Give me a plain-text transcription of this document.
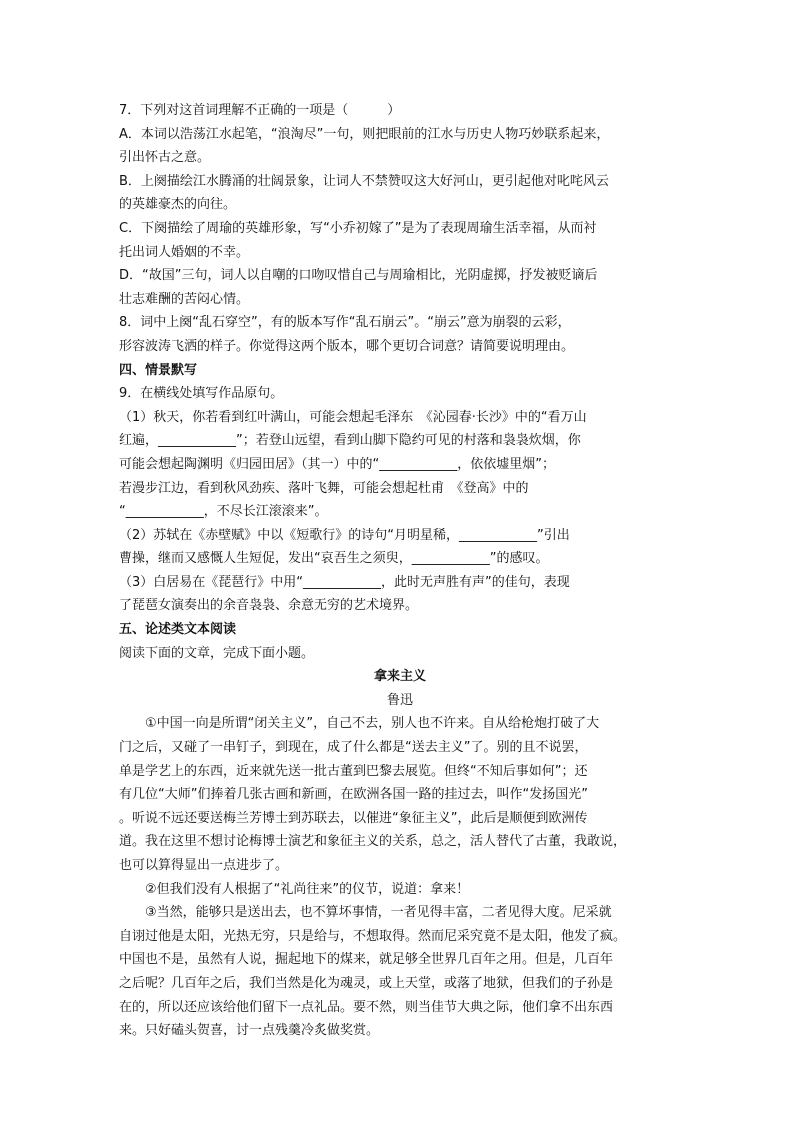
7．下列对这首词理解不正确的一项是（　　　）
A．本词以浩荡江水起笔，“浪淘尽”一句，则把眼前的江水与历史人物巧妙联系起来，
引出怀古之意。
B．上阕描绘江水腾涌的壮阔景象，让词人不禁赞叹这大好河山，更引起他对叱咤风云
的英雄豪杰的向往。
C．下阕描绘了周瑜的英雄形象，写“小乔初嫁了”是为了表现周瑜生活幸福，从而衬
托出词人婚姻的不幸。
D．“故国”三句，词人以自嘲的口吻叹惜自己与周瑜相比，光阴虚掷，抒发被贬谪后
壮志难酬的苦闷心情。
8．词中上阕“乱石穿空”，有的版本写作“乱石崩云”。“崩云”意为崩裂的云彩，
形容波涛飞洒的样子。你觉得这两个版本，哪个更切合词意？请简要说明理由。
四、情景默写
9．在横线处填写作品原句。
（1）秋天，你若看到红叶满山，可能会想起毛泽东　《沁园春·长沙》中的“看万山
红遍，____________”；若登山远望，看到山脚下隐约可见的村落和袅袅炊烟，你
可能会想起陶渊明《归园田居》（其一）中的“____________，依依墟里烟”；
若漫步江边，看到秋风劲疾、落叶飞舞，可能会想起杜甫　《登高》中的
“____________，不尽长江滚滚来”。
（2）苏轼在《赤壁赋》中以《短歌行》的诗句“月明星稀，____________”引出
曹操，继而又感慨人生短促，发出“哀吾生之须臾，____________”的感叹。
（3）白居易在《琵琶行》中用“____________，此时无声胜有声”的佳句，表现
了琵琶女演奏出的余音袅袅、余意无穷的艺术境界。
五、论述类文本阅读
阅读下面的文章，完成下面小题。
拿来主义
鲁迅
①中国一向是所谓“闭关主义”，自己不去，别人也不许来。自从给枪炮打破了大
门之后，又碰了一串钉子，到现在，成了什么都是“送去主义”了。别的且不说罢，
单是学艺上的东西，近来就先送一批古董到巴黎去展览。但终“不知后事如何”；还
有几位“大师”们捧着几张古画和新画，在欧洲各国一路的挂过去，叫作“发扬国光”
。听说不远还要送梅兰芳博士到苏联去，以催进“象征主义”，此后是顺便到欧洲传
道。我在这里不想讨论梅博士演艺和象征主义的关系，总之，活人替代了古董，我敢说，
也可以算得显出一点进步了。
②但我们没有人根据了“礼尚往来”的仪节，说道：拿来！
③当然，能够只是送出去，也不算坏事情，一者见得丰富，二者见得大度。尼采就
自诩过他是太阳，光热无穷，只是给与，不想取得。然而尼采究竟不是太阳，他发了疯。
中国也不是，虽然有人说，掘起地下的煤来，就足够全世界几百年之用。但是，几百年
之后呢？几百年之后，我们当然是化为魂灵，或上天堂，或落了地狱，但我们的子孙是
在的，所以还应该给他们留下一点礼品。要不然，则当佳节大典之际，他们拿不出东西
来。只好磕头贺喜，讨一点残羹冷炙做奖赏。
